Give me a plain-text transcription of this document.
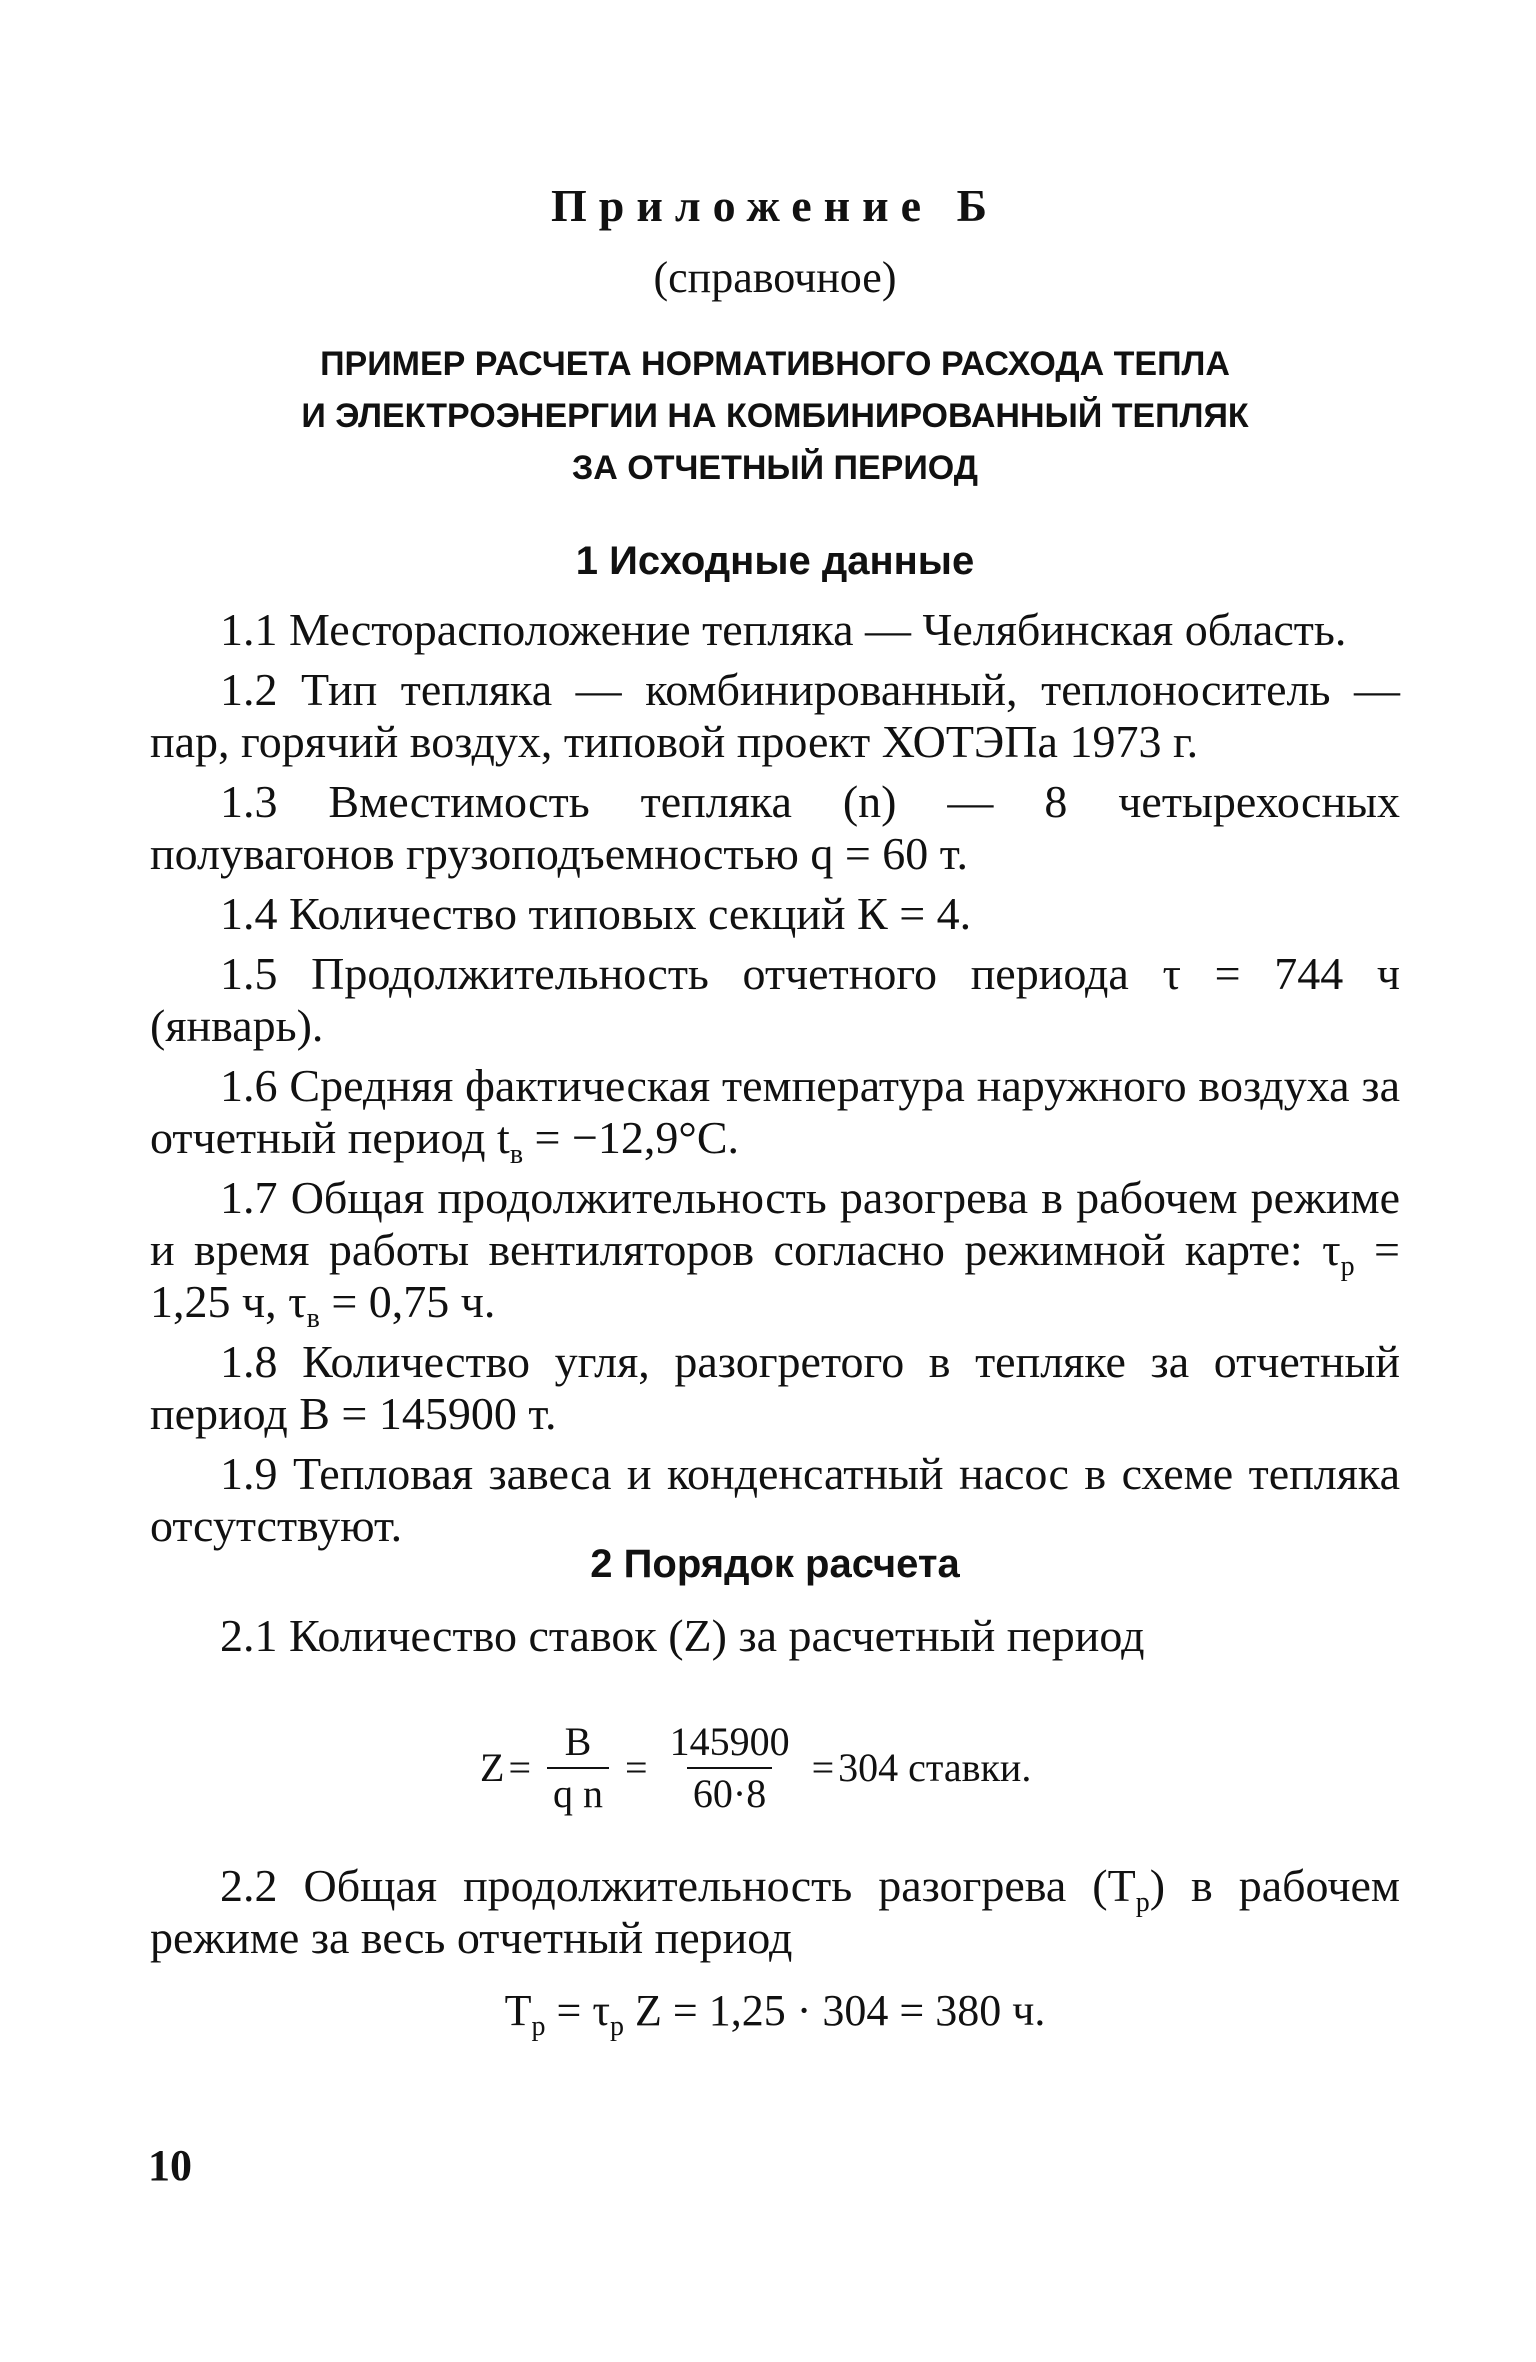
Приложение Б
(справочное)
ПРИМЕР РАСЧЕТА НОРМАТИВНОГО РАСХОДА ТЕПЛА
И ЭЛЕКТРОЭНЕРГИИ НА КОМБИНИРОВАННЫЙ ТЕПЛЯК
ЗА ОТЧЕТНЫЙ ПЕРИОД
1 Исходные данные

1.1 Месторасположение тепляка — Челябинская область.

1.2 Тип тепляка — комбинированный, теплоноситель — пар, горячий воздух, типовой проект ХОТЭПа 1973 г.

1.3 Вместимость тепляка (n) — 8 четырехосных полувагонов грузоподъемностью q = 60 т.

1.4 Количество типовых секций К = 4.

1.5 Продолжительность отчетного периода τ = 744 ч (январь).

1.6 Средняя фактическая температура наружного воздуха за отчетный период $t_в = -12,9^\circ С$.

1.7 Общая продолжительность разогрева в рабочем режиме и время работы вентиляторов согласно режимной карте: $\tau_р = 1,25$ ч, $\tau_в = 0,75$ ч.

1.8 Количество угля, разогретого в тепляке за отчетный период В = 145900 т.

1.9 Тепловая завеса и конденсатный насос в схеме тепляка отсутствуют.

2 Порядок расчета

2.1 Количество ставок (Z) за расчетный период

$Z = \frac{В}{\text{q n}} = \frac{145900}{60\cdot 8} = 304$ ставки.

2.2 Общая продолжительность разогрева $(Т_р)$ в рабочем режиме за весь отчетный период

$Т_р = \tau_р$ Z = 1,25 · 304 = 380 ч.
10
